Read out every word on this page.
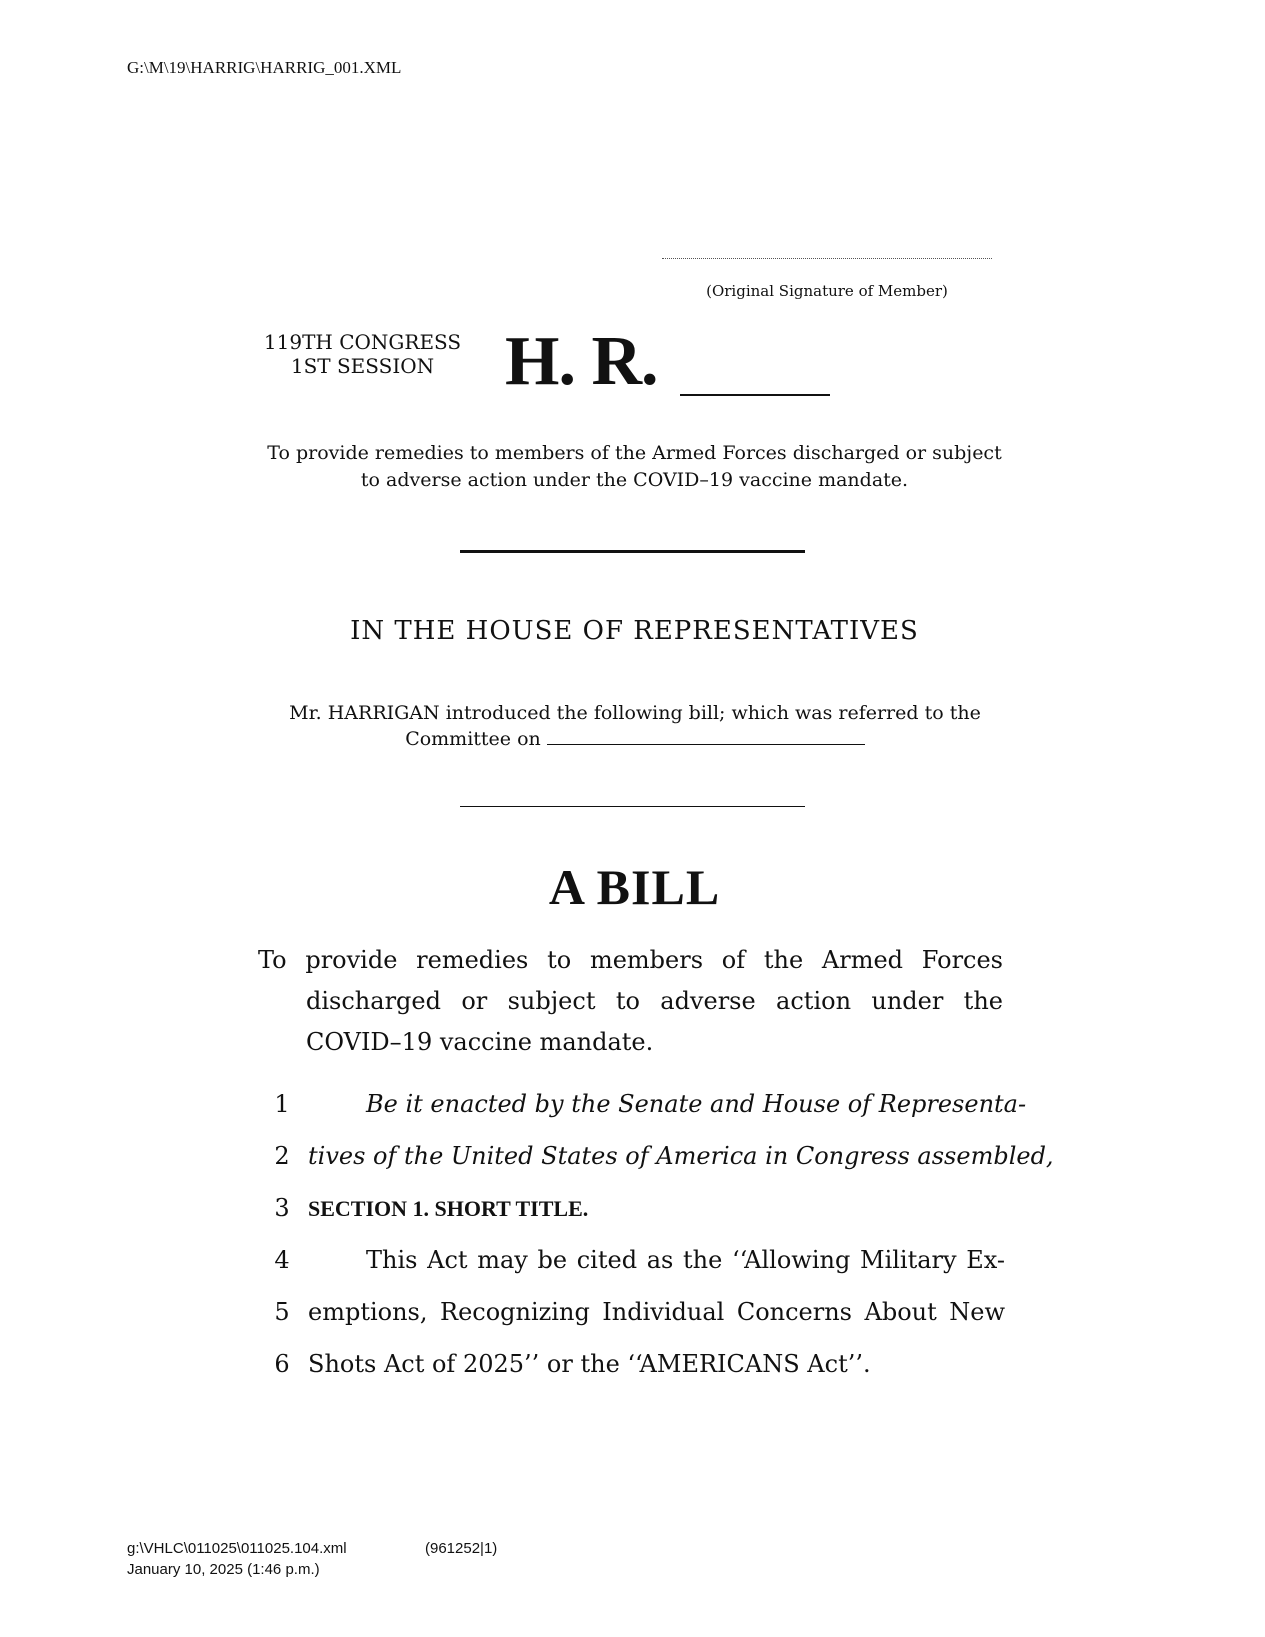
G:\M\19\HARRIG\HARRIG_001.XML
(Original Signature of Member)
119TH CONGRESS
1ST SESSION	H. R.
To provide remedies to members of the Armed Forces discharged or subject to adverse action under the COVID–19 vaccine mandate.
IN THE HOUSE OF REPRESENTATIVES
Mr. HARRIGAN introduced the following bill; which was referred to the Committee on
A BILL
To provide remedies to members of the Armed Forces discharged or subject to adverse action under the COVID–19 vaccine mandate.
1	Be it enacted by the Senate and House of Representa-
2 tives of the United States of America in Congress assembled,
3 SECTION 1. SHORT TITLE.
4	This Act may be cited as the ‘‘Allowing Military Ex-
5 emptions, Recognizing Individual Concerns About New
6 Shots Act of 2025’’ or the ‘‘AMERICANS Act’’.
g:\VHLC\011025\011025.104.xml	(961252|1)
January 10, 2025 (1:46 p.m.)
